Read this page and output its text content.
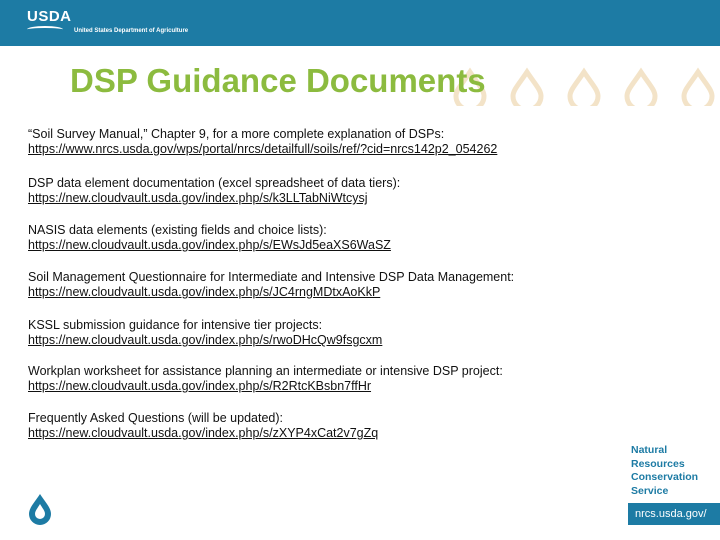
USDA
United States Department of Agriculture
DSP Guidance Documents
“Soil Survey Manual,” Chapter 9, for a more complete explanation of DSPs:
https://www.nrcs.usda.gov/wps/portal/nrcs/detailfull/soils/ref/?cid=nrcs142p2_054262
DSP data element documentation (excel spreadsheet of data tiers):
https://new.cloudvault.usda.gov/index.php/s/k3LLTabNiWtcysj
NASIS data elements (existing fields and choice lists):
https://new.cloudvault.usda.gov/index.php/s/EWsJd5eaXS6WaSZ
Soil Management Questionnaire for Intermediate and Intensive DSP Data Management:
https://new.cloudvault.usda.gov/index.php/s/JC4rngMDtxAoKkP
KSSL submission guidance for intensive tier projects:
https://new.cloudvault.usda.gov/index.php/s/rwoDHcQw9fsgcxm
Workplan worksheet for assistance planning an intermediate or intensive DSP project:
https://new.cloudvault.usda.gov/index.php/s/R2RtcKBsbn7ffHr
Frequently Asked Questions (will be updated):
https://new.cloudvault.usda.gov/index.php/s/zXYP4xCat2v7gZq
Natural
Resources
Conservation
Service
nrcs.usda.gov/
